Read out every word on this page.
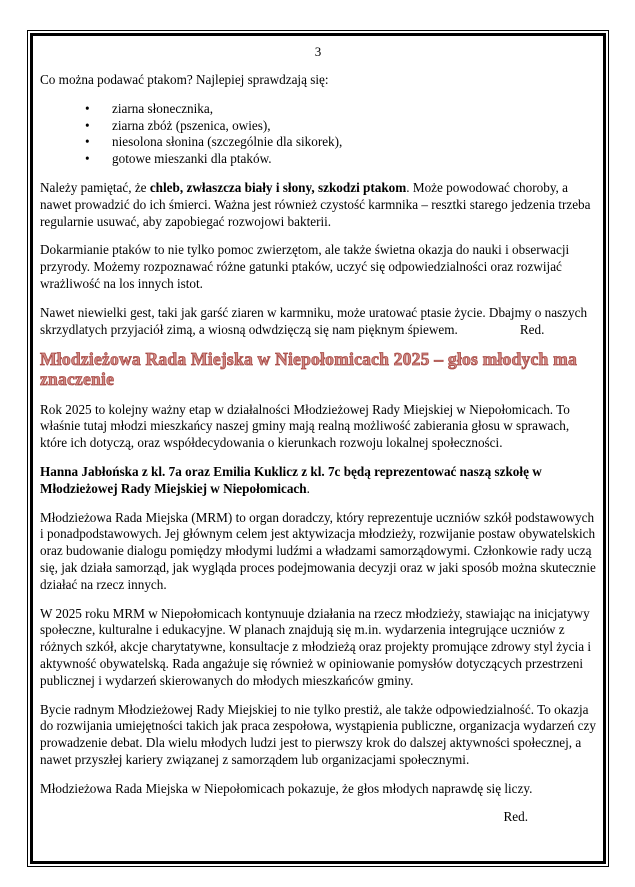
3

Co można podawać ptakom? Najlepiej sprawdzają się:

• ziarna słonecznika,
• ziarna zbóż (pszenica, owies),
• niesolona słonina (szczególnie dla sikorek),
• gotowe mieszanki dla ptaków.

Należy pamiętać, że chleb, zwłaszcza biały i słony, szkodzi ptakom. Może powodować choroby, a nawet prowadzić do ich śmierci. Ważna jest również czystość karmnika – resztki starego jedzenia trzeba regularnie usuwać, aby zapobiegać rozwojowi bakterii.

Dokarmianie ptaków to nie tylko pomoc zwierzętom, ale także świetna okazja do nauki i obserwacji przyrody. Możemy rozpoznawać różne gatunki ptaków, uczyć się odpowiedzialności oraz rozwijać wrażliwość na los innych istot.

Nawet niewielki gest, taki jak garść ziaren w karmniku, może uratować ptasie życie. Dbajmy o naszych skrzydlatych przyjaciół zimą, a wiosną odwdzięczą się nam pięknym śpiewem.	Red.

Młodzieżowa Rada Miejska w Niepołomicach 2025 – głos młodych ma znaczenie

Rok 2025 to kolejny ważny etap w działalności Młodzieżowej Rady Miejskiej w Niepołomicach. To właśnie tutaj młodzi mieszkańcy naszej gminy mają realną możliwość zabierania głosu w sprawach, które ich dotyczą, oraz współdecydowania o kierunkach rozwoju lokalnej społeczności.

Hanna Jabłońska z kl. 7a oraz Emilia Kuklicz z kl. 7c będą reprezentować naszą szkołę w Młodzieżowej Rady Miejskiej w Niepołomicach.

Młodzieżowa Rada Miejska (MRM) to organ doradczy, który reprezentuje uczniów szkół podstawowych i ponadpodstawowych. Jej głównym celem jest aktywizacja młodzieży, rozwijanie postaw obywatelskich oraz budowanie dialogu pomiędzy młodymi ludźmi a władzami samorządowymi. Członkowie rady uczą się, jak działa samorząd, jak wygląda proces podejmowania decyzji oraz w jaki sposób można skutecznie działać na rzecz innych.

W 2025 roku MRM w Niepołomicach kontynuuje działania na rzecz młodzieży, stawiając na inicjatywy społeczne, kulturalne i edukacyjne. W planach znajdują się m.in. wydarzenia integrujące uczniów z różnych szkół, akcje charytatywne, konsultacje z młodzieżą oraz projekty promujące zdrowy styl życia i aktywność obywatelską. Rada angażuje się również w opiniowanie pomysłów dotyczących przestrzeni publicznej i wydarzeń skierowanych do młodych mieszkańców gminy.

Bycie radnym Młodzieżowej Rady Miejskiej to nie tylko prestiż, ale także odpowiedzialność. To okazja do rozwijania umiejętności takich jak praca zespołowa, wystąpienia publiczne, organizacja wydarzeń czy prowadzenie debat. Dla wielu młodych ludzi jest to pierwszy krok do dalszej aktywności społecznej, a nawet przyszłej kariery związanej z samorządem lub organizacjami społecznymi.

Młodzieżowa Rada Miejska w Niepołomicach pokazuje, że głos młodych naprawdę się liczy.

Red.
